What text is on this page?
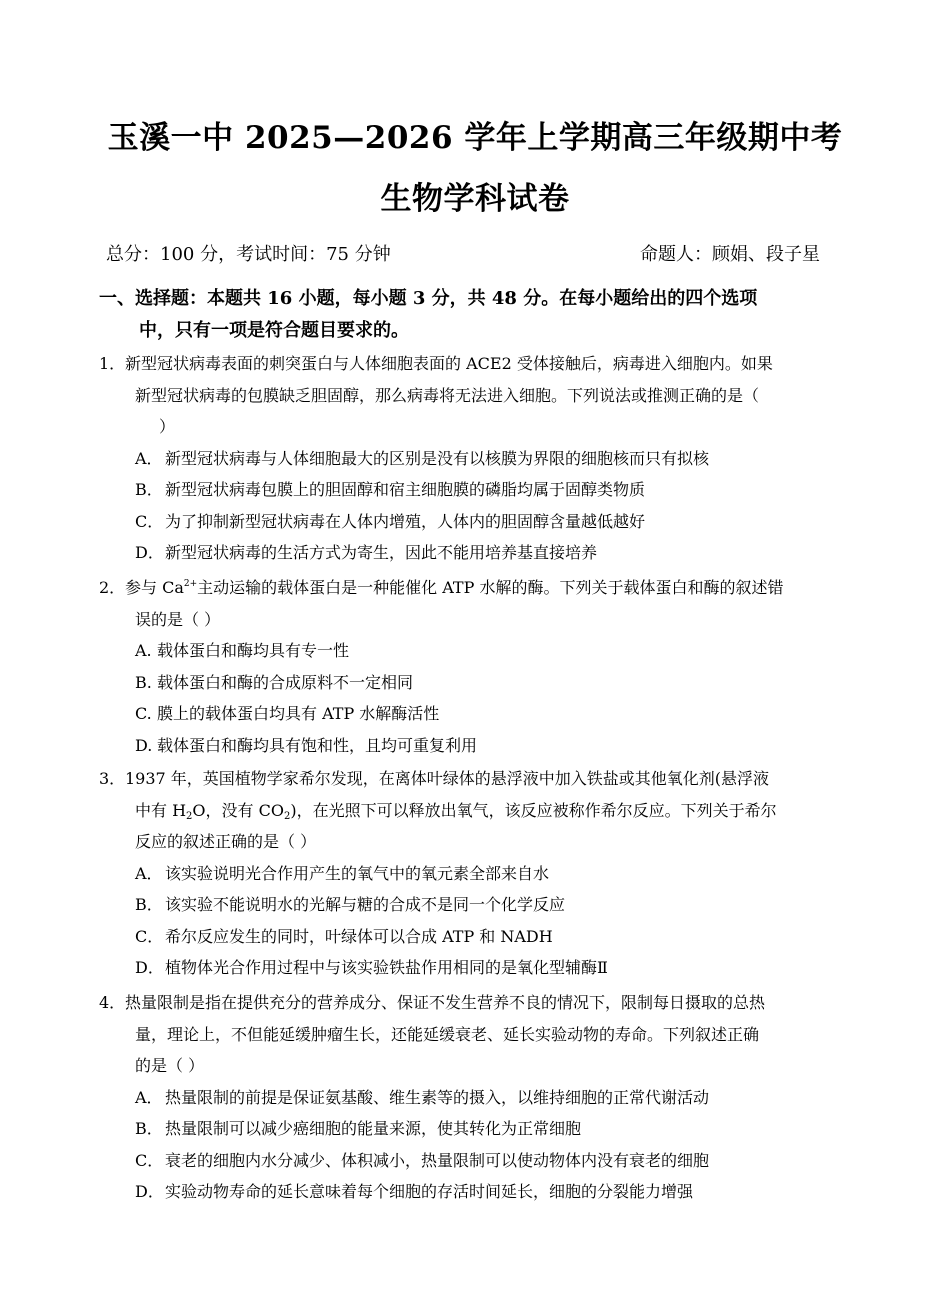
玉溪一中 2025—2026 学年上学期高三年级期中考
生物学科试卷
总分：100 分，考试时间：75 分钟	命题人：顾娟、段子星
一、选择题：本题共 16 小题，每小题 3 分，共 48 分。在每小题给出的四个选项
中，只有一项是符合题目要求的。
1．新型冠状病毒表面的刺突蛋白与人体细胞表面的 ACE2 受体接触后，病毒进入细胞内。如果
新型冠状病毒的包膜缺乏胆固醇，那么病毒将无法进入细胞。下列说法或推测正确的是（
）
A． 新型冠状病毒与人体细胞最大的区别是没有以核膜为界限的细胞核而只有拟核
B． 新型冠状病毒包膜上的胆固醇和宿主细胞膜的磷脂均属于固醇类物质
C． 为了抑制新型冠状病毒在人体内增殖，人体内的胆固醇含量越低越好
D．新型冠状病毒的生活方式为寄生，因此不能用培养基直接培养
2．参与 $Ca^{2+}$主动运输的载体蛋白是一种能催化 ATP 水解的酶。下列关于载体蛋白和酶的叙述错
误的是（ ）
A. 载体蛋白和酶均具有专一性
B. 载体蛋白和酶的合成原料不一定相同
C. 膜上的载体蛋白均具有 ATP 水解酶活性
D. 载体蛋白和酶均具有饱和性，且均可重复利用
3．1937 年，英国植物学家希尔发现，在离体叶绿体的悬浮液中加入铁盐或其他氧化剂(悬浮液
中有 $H_2O$，没有 $CO_2$)，在光照下可以释放出氧气，该反应被称作希尔反应。下列关于希尔
反应的叙述正确的是（ ）
A． 该实验说明光合作用产生的氧气中的氧元素全部来自水
B． 该实验不能说明水的光解与糖的合成不是同一个化学反应
C． 希尔反应发生的同时，叶绿体可以合成 ATP 和 NADH
D．植物体光合作用过程中与该实验铁盐作用相同的是氧化型辅酶Ⅱ
4．热量限制是指在提供充分的营养成分、保证不发生营养不良的情况下，限制每日摄取的总热
量，理论上，不但能延缓肿瘤生长，还能延缓衰老、延长实验动物的寿命。下列叙述正确
的是（ ）
A． 热量限制的前提是保证氨基酸、维生素等的摄入，以维持细胞的正常代谢活动
B． 热量限制可以减少癌细胞的能量来源，使其转化为正常细胞
C． 衰老的细胞内水分减少、体积减小，热量限制可以使动物体内没有衰老的细胞
D．实验动物寿命的延长意味着每个细胞的存活时间延长，细胞的分裂能力增强
